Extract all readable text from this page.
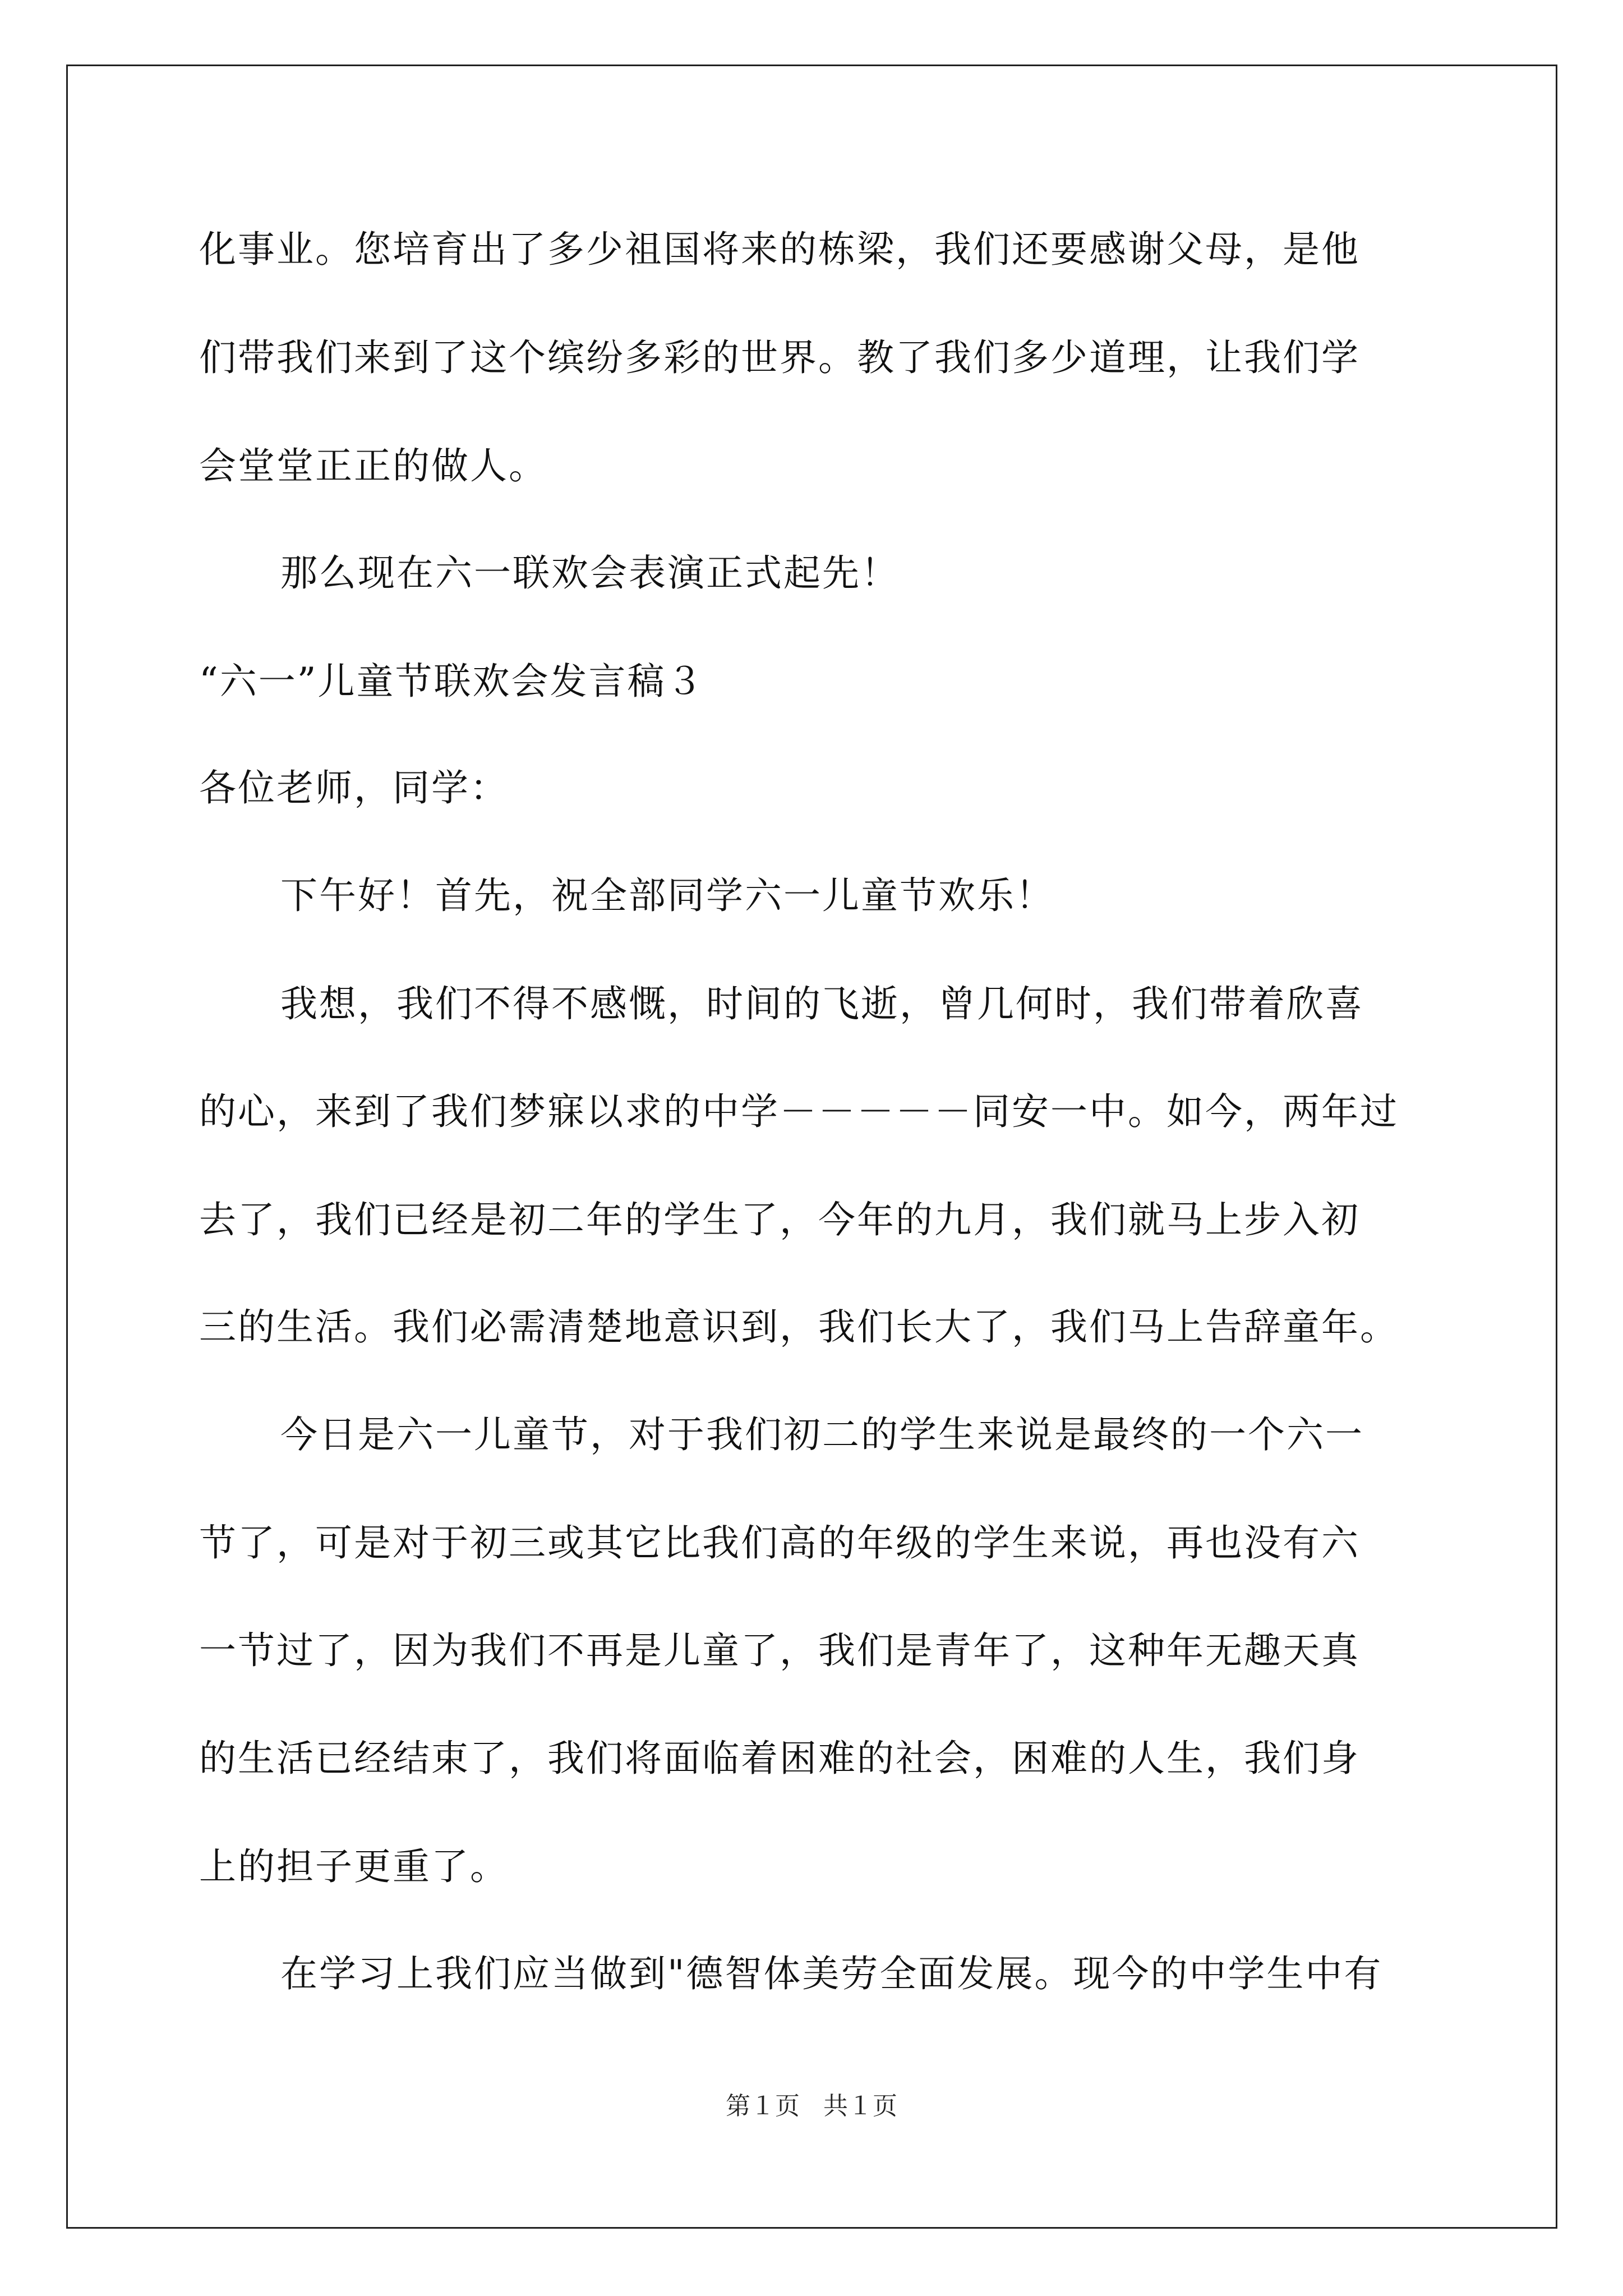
化事业。您培育出了多少祖国将来的栋梁，我们还要感谢父母，是他

们带我们来到了这个缤纷多彩的世界。教了我们多少道理，让我们学

会堂堂正正的做人。

那么现在六一联欢会表演正式起先！

“六一”儿童节联欢会发言稿３

各位老师，同学：

下午好！首先，祝全部同学六一儿童节欢乐！

我想，我们不得不感慨，时间的飞逝，曾几何时，我们带着欣喜

的心，来到了我们梦寐以求的中学－－－－－同安一中。如今，两年过

去了，我们已经是初二年的学生了，今年的九月，我们就马上步入初

三的生活。我们必需清楚地意识到，我们长大了，我们马上告辞童年。

今日是六一儿童节，对于我们初二的学生来说是最终的一个六一

节了，可是对于初三或其它比我们高的年级的学生来说，再也没有六

一节过了，因为我们不再是儿童了，我们是青年了，这种年无趣天真

的生活已经结束了，我们将面临着困难的社会，困难的人生，我们身

上的担子更重了。

在学习上我们应当做到"德智体美劳全面发展。现今的中学生中有

第１页   共１页
